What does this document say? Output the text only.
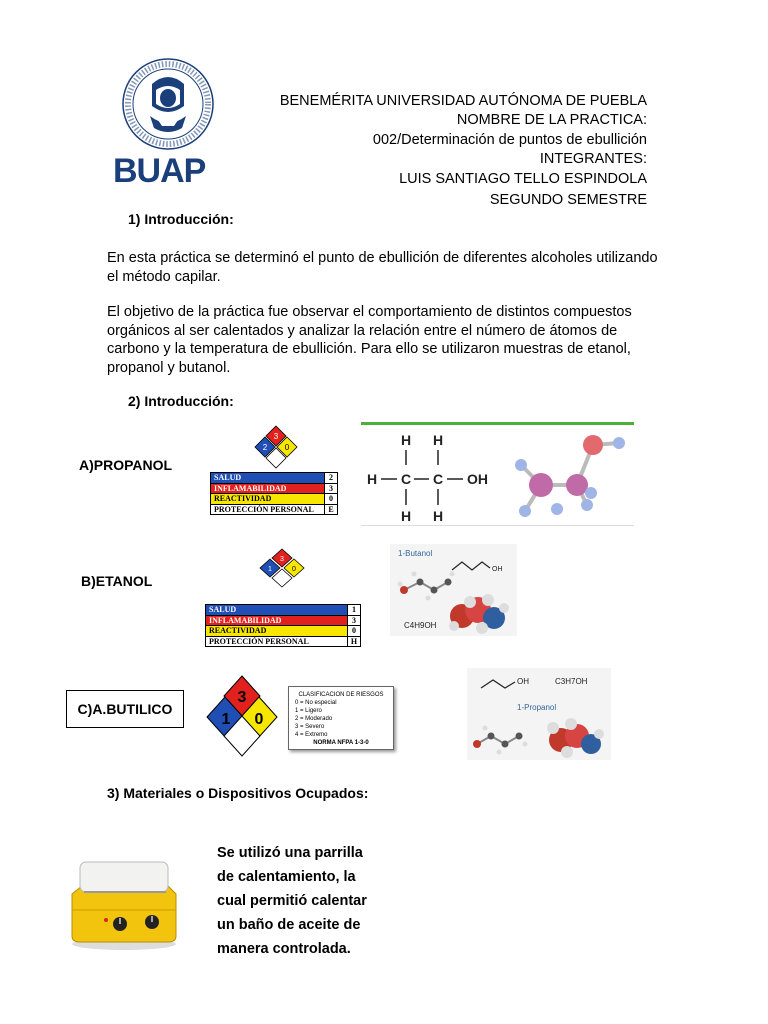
BUAP
BENEMÉRITA UNIVERSIDAD AUTÓNOMA DE PUEBLA
NOMBRE DE LA PRACTICA:
002/Determinación de puntos de ebullición
INTEGRANTES:
LUIS SANTIAGO TELLO ESPINDOLA
SEGUNDO SEMESTRE
1) Introducción:
En esta práctica se determinó el punto de ebullición de diferentes alcoholes utilizando el método capilar.
El objetivo de la práctica fue observar el comportamiento de distintos compuestos orgánicos al ser calentados y analizar la relación entre el número de átomos de carbono y la temperatura de ebullición. Para ello se utilizaron muestras de etanol, propanol y butanol.
2) Introducción:
A)PROPANOL
3
2 0
SALUD	2
INFLAMABILIDAD	3
REACTIVIDAD	0
PROTECCIÓN PERSONAL	E
H H
H C C OH
H H
B)ETANOL
3
1	0
SALUD	1
INFLAMABILIDAD	3
REACTIVIDAD	0
PROTECCIÓN PERSONAL	H
1-Butanol
OH
C4H9OH
C)A.BUTILICO
3
1 0
CLASIFICACION DE RIESGOS
0 = No especial
1 = Ligero
2 = Moderado
3 = Severo
4 = Extremo
NORMA NFPA 1-3-0
OH	C3H7OH
1-Propanol
3) Materiales o Dispositivos Ocupados:
Se utilizó una parrilla
de calentamiento, la
cual permitió calentar
un baño de aceite de
manera controlada.
